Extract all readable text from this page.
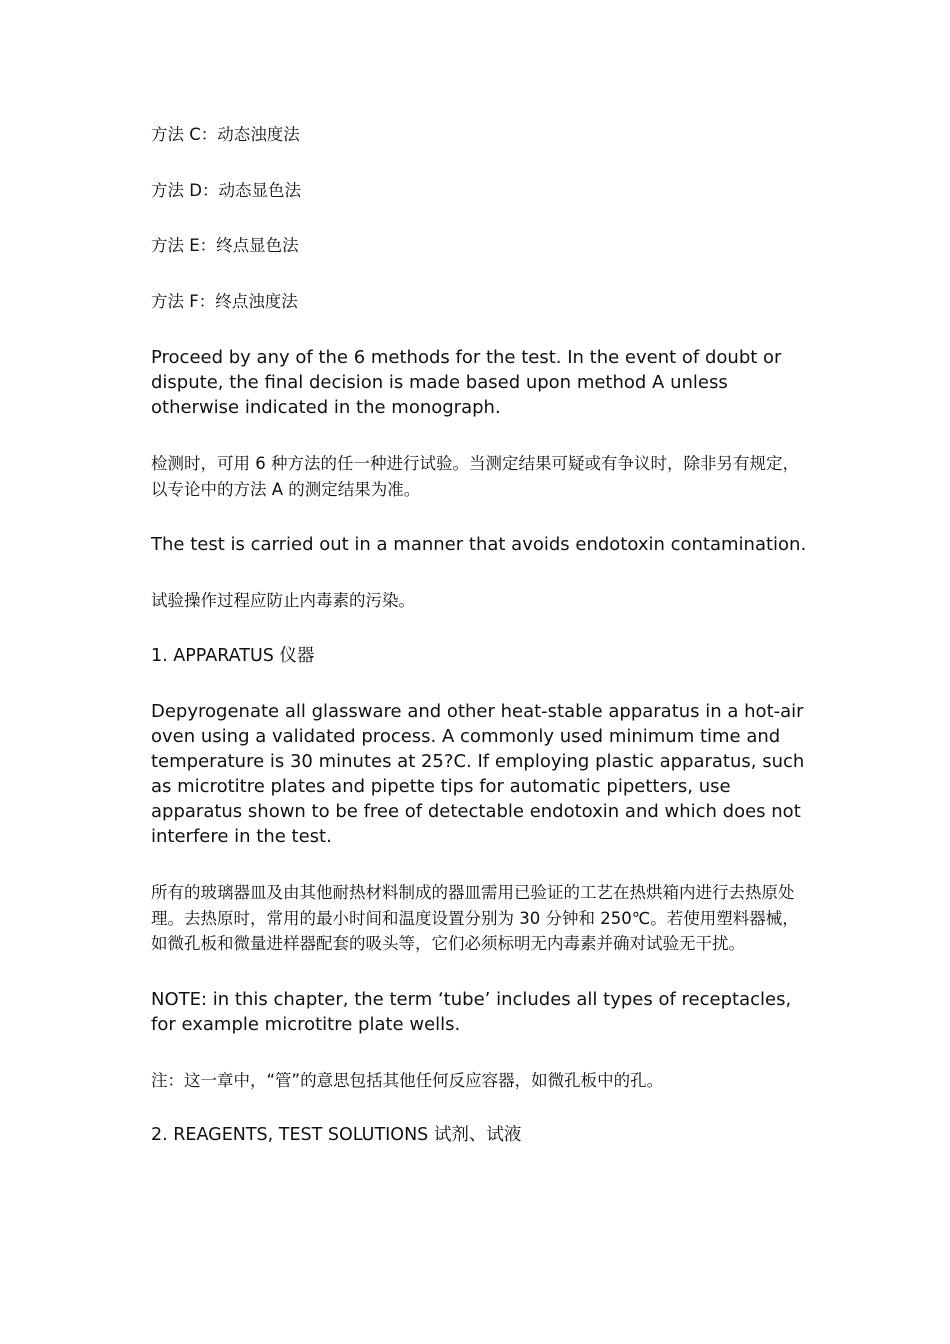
方法 C：动态浊度法

方法 D：动态显色法

方法 E：终点显色法

方法 F：终点浊度法

Proceed by any of the 6 methods for the test. In the event of doubt or dispute, the final decision is made based upon method A unless otherwise indicated in the monograph.

检测时，可用 6 种方法的任一种进行试验。当测定结果可疑或有争议时，除非另有规定，以专论中的方法 A 的测定结果为准。

The test is carried out in a manner that avoids endotoxin contamination.

试验操作过程应防止内毒素的污染。

1. APPARATUS 仪器

Depyrogenate all glassware and other heat-stable apparatus in a hot-air oven using a validated process. A commonly used minimum time and temperature is 30 minutes at 25?C. If employing plastic apparatus, such as microtitre plates and pipette tips for automatic pipetters, use apparatus shown to be free of detectable endotoxin and which does not interfere in the test.

所有的玻璃器皿及由其他耐热材料制成的器皿需用已验证的工艺在热烘箱内进行去热原处理。去热原时，常用的最小时间和温度设置分别为 30 分钟和 250℃。若使用塑料器械，如微孔板和微量进样器配套的吸头等，它们必须标明无内毒素并确对试验无干扰。

NOTE: in this chapter, the term ‘tube’ includes all types of receptacles, for example microtitre plate wells.

注：这一章中，“管”的意思包括其他任何反应容器，如微孔板中的孔。

2. REAGENTS, TEST SOLUTIONS 试剂、试液
